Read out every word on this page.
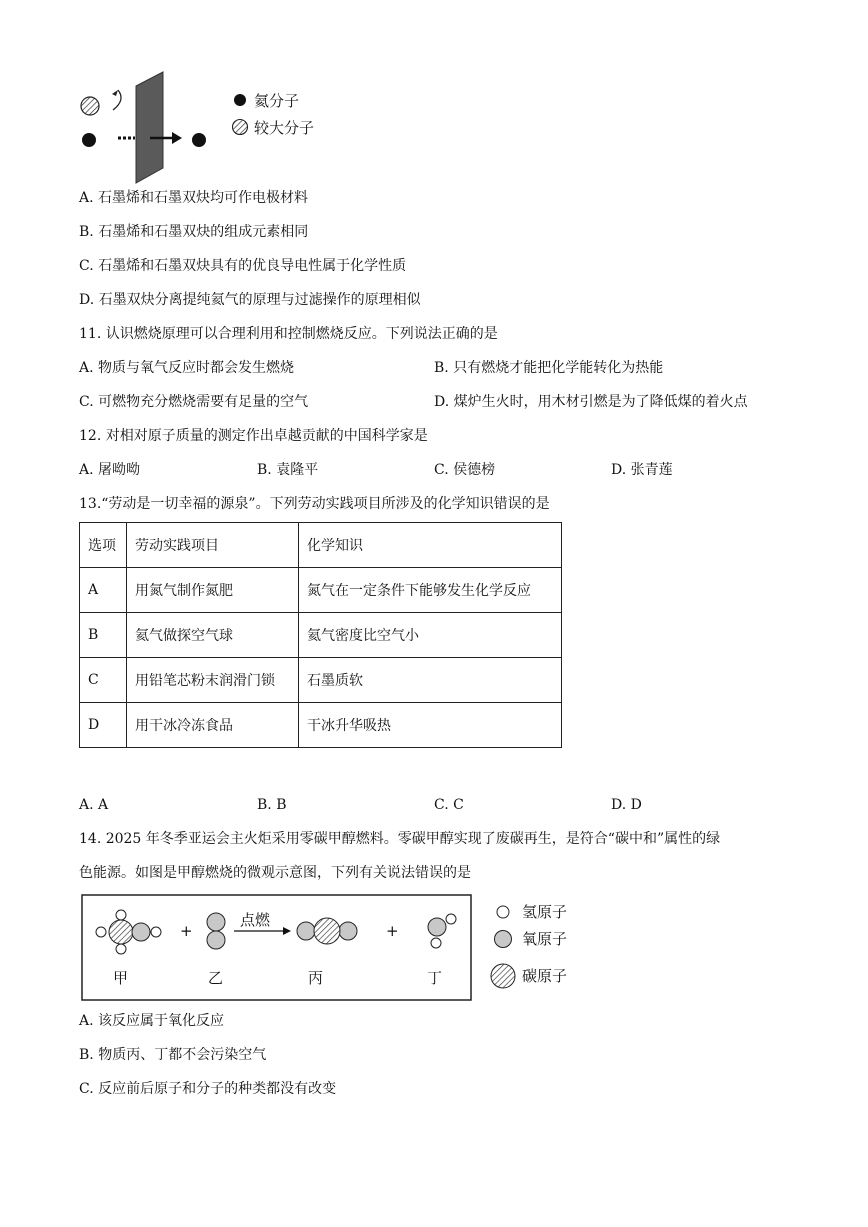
氦分子
较大分子
A. 石墨烯和石墨双炔均可作电极材料
B. 石墨烯和石墨双炔的组成元素相同
C. 石墨烯和石墨双炔具有的优良导电性属于化学性质
D. 石墨双炔分离提纯氦气的原理与过滤操作的原理相似
11. 认识燃烧原理可以合理利用和控制燃烧反应。下列说法正确的是
A. 物质与氧气反应时都会发生燃烧	B. 只有燃烧才能把化学能转化为热能
C. 可燃物充分燃烧需要有足量的空气	D. 煤炉生火时，用木材引燃是为了降低煤的着火点
12. 对相对原子质量的测定作出卓越贡献的中国科学家是
A. 屠呦呦	B. 袁隆平	C. 侯德榜	D. 张青莲
13.“劳动是一切幸福的源泉”。下列劳动实践项目所涉及的化学知识错误的是
选项	劳动实践项目	化学知识
A	用氮气制作氮肥	氮气在一定条件下能够发生化学反应
B	氦气做探空气球	氦气密度比空气小
C	用铅笔芯粉末润滑门锁	石墨质软
D	用干冰冷冻食品	干冰升华吸热
A. A	B. B	C. C	D. D
14. 2025 年冬季亚运会主火炬采用零碳甲醇燃料。零碳甲醇实现了废碳再生，是符合“碳中和”属性的绿
色能源。如图是甲醇燃烧的微观示意图，下列有关说法错误的是
+
点燃
+
甲	乙	丙	丁
氢原子
氧原子
碳原子
A. 该反应属于氧化反应
B. 物质丙、丁都不会污染空气
C. 反应前后原子和分子的种类都没有改变
